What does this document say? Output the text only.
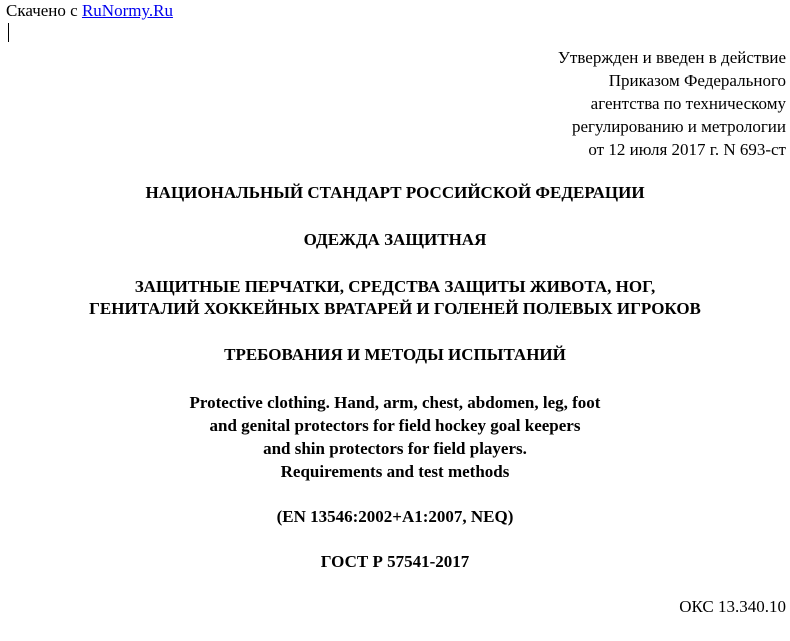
Скачено с RuNormy.Ru
Утвержден и введен в действие
Приказом Федерального
агентства по техническому
регулированию и метрологии
от 12 июля 2017 г. N 693-ст
НАЦИОНАЛЬНЫЙ СТАНДАРТ РОССИЙСКОЙ ФЕДЕРАЦИИ
ОДЕЖДА ЗАЩИТНАЯ
ЗАЩИТНЫЕ ПЕРЧАТКИ, СРЕДСТВА ЗАЩИТЫ ЖИВОТА, НОГ,
ГЕНИТАЛИЙ ХОККЕЙНЫХ ВРАТАРЕЙ И ГОЛЕНЕЙ ПОЛЕВЫХ ИГРОКОВ
ТРЕБОВАНИЯ И МЕТОДЫ ИСПЫТАНИЙ
Protective clothing. Hand, arm, chest, abdomen, leg, foot
and genital protectors for field hockey goal keepers
and shin protectors for field players.
Requirements and test methods
(EN 13546:2002+A1:2007, NEQ)
ГОСТ Р 57541-2017
ОКС 13.340.10
